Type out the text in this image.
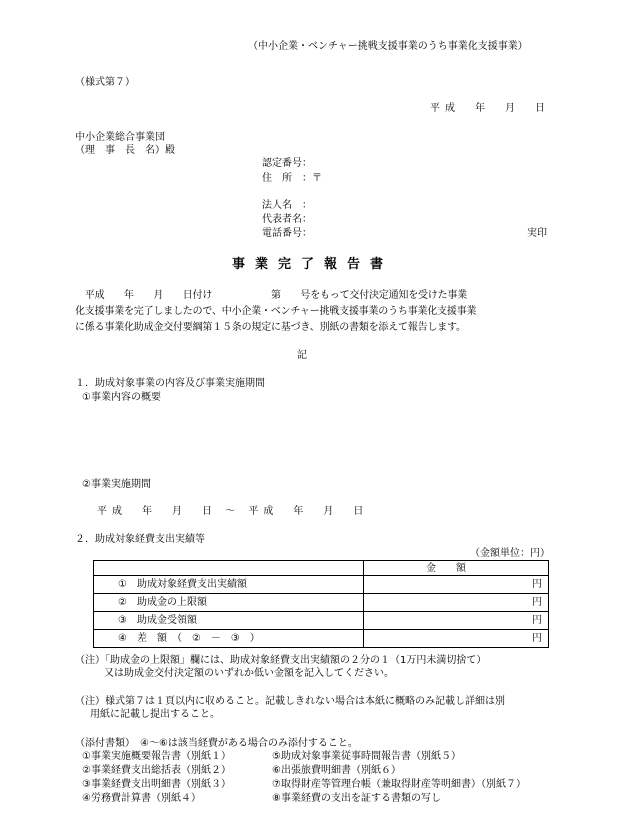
（中小企業・ベンチャー挑戦支援事業のうち事業化支援事業）
（様式第７）
平成　年　月　日
中小企業総合事業団
（理　事　長　名）殿
認定番号：
住　所　：〒
法人名　：
代表者名：
電話番号：	実印
事業完了報告書
　平成　　年　　月　　日付け　　　　　　第　　号をもって交付決定通知を受けた事業
化支援事業を完了しましたので、中小企業・ベンチャー挑戦支援事業のうち事業化支援事業
に係る事業化助成金交付要綱第１５条の規定に基づき、別紙の書類を添えて報告します。
記
１．助成対象事業の内容及び事業実施期間
①事業内容の概要
②事業実施期間
平成　年　月　日 ～ 平成　年　月　日
２．助成対象経費支出実績等
（金額単位：円）
	金額
①　助成対象経費支出実績額	円
②　助成金の上限額	円
③　助成金受領額	円
④　差　額　（　②　－　③　）	円
（注）「助成金の上限額」欄には、助成対象経費支出実績額の２分の１（1万円未満切捨て）
又は助成金交付決定額のいずれか低い金額を記入してください。
（注）様式第７は１頁以内に収めること。記載しきれない場合は本紙に概略のみ記載し詳細は別
用紙に記載し提出すること。
（添付書類）　④～⑥は該当経費がある場合のみ添付すること。
①事業実施概要報告書（別紙１）
②事業経費支出総括表（別紙２）
③事業経費支出明細書（別紙３）
④労務費計算書（別紙４）
⑤助成対象事業従事時間報告書（別紙５）
⑥出張旅費明細書（別紙６）
⑦取得財産等管理台帳（兼取得財産等明細書）（別紙７）
⑧事業経費の支出を証する書類の写し
